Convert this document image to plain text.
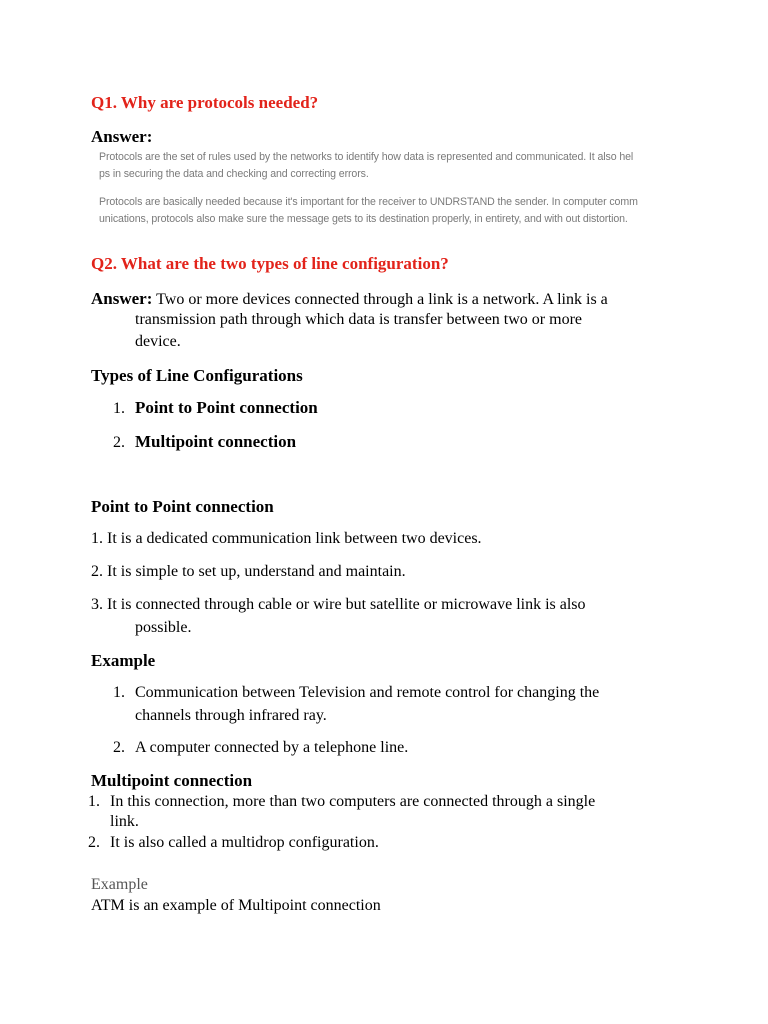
Q1. Why are protocols needed?
Answer:
Protocols are the set of rules used by the networks to identify how data is represented and communicated. It also hel
ps in securing the data and checking and correcting errors.
Protocols are basically needed because it's important for the receiver to UNDRSTAND the sender. In computer comm
unications, protocols also make sure the message gets to its destination properly, in entirety, and with out distortion.
Q2. What are the two types of line configuration?
Answer: Two or more devices connected through a link is a network. A link is a
transmission path through which data is transfer between two or more
device.
Types of Line Configurations
1. Point to Point connection
2. Multipoint connection
Point to Point connection
1. It is a dedicated communication link between two devices.
2. It is simple to set up, understand and maintain.
3. It is connected through cable or wire but satellite or microwave link is also
possible.
Example
1. Communication between Television and remote control for changing the
channels through infrared ray.
2. A computer connected by a telephone line.
Multipoint connection
1. In this connection, more than two computers are connected through a single
link.
2. It is also called a multidrop configuration.
Example
ATM is an example of Multipoint connection
